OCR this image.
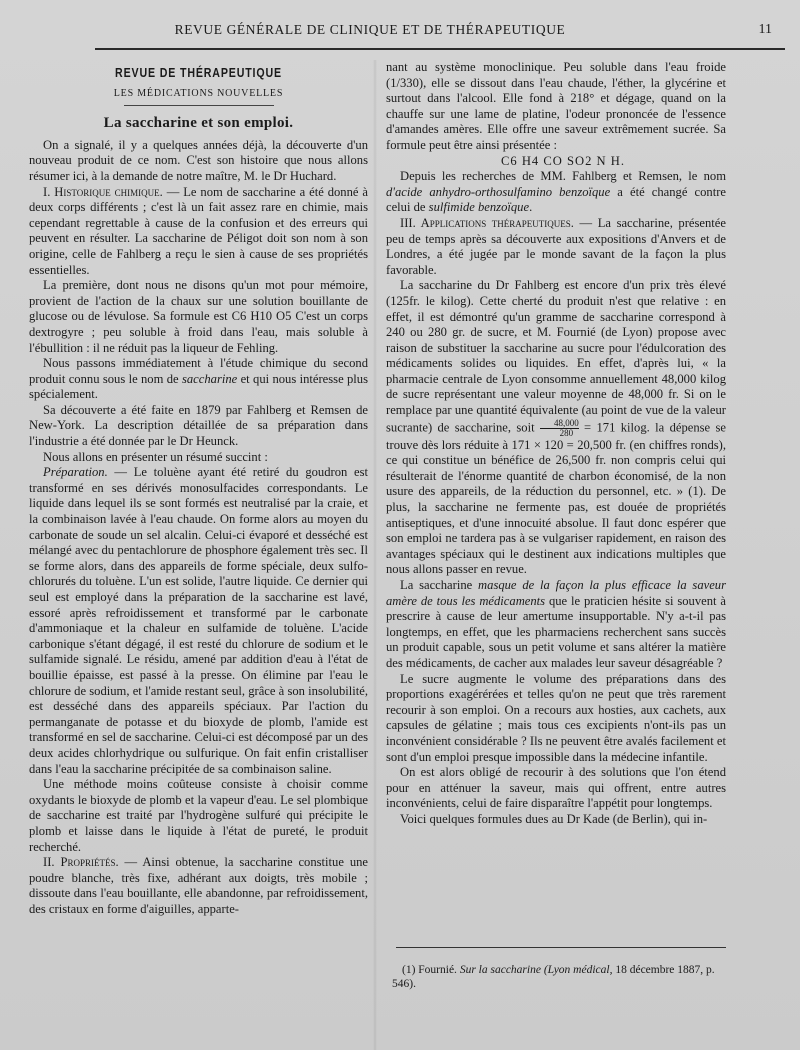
REVUE GÉNÉRALE DE CLINIQUE ET DE THÉRAPEUTIQUE	11
REVUE DE THÉRAPEUTIQUE
LES MÉDICATIONS NOUVELLES
La saccharine et son emploi.

On a signalé, il y a quelques années déjà, la découverte d'un nouveau produit de ce nom. C'est son histoire que nous allons résumer ici, à la demande de notre maître, M. le Dr Huchard.

I. Historique chimique. — Le nom de saccharine a été donné à deux corps différents ; c'est là un fait assez rare en chimie, mais cependant regrettable à cause de la confusion et des erreurs qui peuvent en résulter. La saccharine de Péligot doit son nom à son origine, celle de Fahlberg a reçu le sien à cause de ses propriétés essentielles.

La première, dont nous ne disons qu'un mot pour mémoire, provient de l'action de la chaux sur une solution bouillante de glucose ou de lévulose. Sa formule est C6 H10 O5 C'est un corps dextrogyre ; peu soluble à froid dans l'eau, mais soluble à l'ébullition : il ne réduit pas la liqueur de Fehling.

Nous passons immédiatement à l'étude chimique du second produit connu sous le nom de saccharine et qui nous intéresse plus spécialement.

Sa découverte a été faite en 1879 par Fahlberg et Remsen de New-York. La description détaillée de sa préparation dans l'industrie a été donnée par le Dr Heunck.

Nous allons en présenter un résumé succint :

Préparation. — Le toluène ayant été retiré du goudron est transformé en ses dérivés monosulfacides correspondants. Le liquide dans lequel ils se sont formés est neutralisé par la craie, et la combinaison lavée à l'eau chaude. On forme alors au moyen du carbonate de soude un sel alcalin. Celui-ci évaporé et desséché est mélangé avec du pentachlorure de phosphore également très sec. Il se forme alors, dans des appareils de forme spéciale, deux sulfo-chlorurés du toluène. L'un est solide, l'autre liquide. Ce dernier qui seul est employé dans la préparation de la saccharine est lavé, essoré après refroidissement et transformé par le carbonate d'ammoniaque et la chaleur en sulfamide de toluène. L'acide carbonique s'étant dégagé, il est resté du chlorure de sodium et le sulfamide signalé. Le résidu, amené par addition d'eau à l'état de bouillie épaisse, est passé à la presse. On élimine par l'eau le chlorure de sodium, et l'amide restant seul, grâce à son insolubilité, est desséché dans des appareils spéciaux. Par l'action du permanganate de potasse et du bioxyde de plomb, l'amide est transformé en sel de saccharine. Celui-ci est décomposé par un des deux acides chlorhydrique ou sulfurique. On fait enfin cristalliser dans l'eau la saccharine précipitée de sa combinaison saline.

Une méthode moins coûteuse consiste à choisir comme oxydants le bioxyde de plomb et la vapeur d'eau. Le sel plombique de saccharine est traité par l'hydrogène sulfuré qui précipite le plomb et laisse dans le liquide à l'état de pureté, le produit recherché.

II. Propriétés. — Ainsi obtenue, la saccharine constitue une poudre blanche, très fixe, adhérant aux doigts, très mobile ; dissoute dans l'eau bouillante, elle abandonne, par refroidissement, des cristaux en forme d'aiguilles, apparte-

nant au système monoclinique. Peu soluble dans l'eau froide (1/330), elle se dissout dans l'eau chaude, l'éther, la glycérine et surtout dans l'alcool. Elle fond à 218° et dégage, quand on la chauffe sur une lame de platine, l'odeur prononcée de l'essence d'amandes amères. Elle offre une saveur extrêmement sucrée. Sa formule peut être ainsi présentée :

C6 H4 CO SO2 N H.

Depuis les recherches de MM. Fahlberg et Remsen, le nom d'acide anhydro-orthosulfamino benzoïque a été changé contre celui de sulfimide benzoïque.

III. Applications thérapeutiques. — La saccharine, présentée peu de temps après sa découverte aux expositions d'Anvers et de Londres, a été jugée par le monde savant de la façon la plus favorable.

La saccharine du Dr Fahlberg est encore d'un prix très élevé (125fr. le kilog). Cette cherté du produit n'est que relative : en effet, il est démontré qu'un gramme de saccharine correspond à 240 ou 280 gr. de sucre, et M. Fournié (de Lyon) propose avec raison de substituer la saccharine au sucre pour l'édulcoration des médicaments solides ou liquides. En effet, d'après lui, « la pharmacie centrale de Lyon consomme annuellement 48,000 kilog de sucre représentant une valeur moyenne de 48,000 fr. Si on le remplace par une quantité équivalente (au point de vue de la valeur sucrante) de saccharine, soit $\frac{48,000}{280} = 171$ kilog. la dépense se trouve dès lors réduite à 171 × 120 = 20,500 fr. (en chiffres ronds), ce qui constitue un bénéfice de 26,500 fr. non compris celui qui résulterait de l'énorme quantité de charbon économisé, de la non usure des appareils, de la réduction du personnel, etc. » (1). De plus, la saccharine ne fermente pas, est douée de propriétés antiseptiques, et d'une innocuité absolue. Il faut donc espérer que son emploi ne tardera pas à se vulgariser rapidement, en raison des avantages spéciaux qui le destinent aux indications multiples que nous allons passer en revue.

La saccharine masque de la façon la plus efficace la saveur amère de tous les médicaments que le praticien hésite si souvent à prescrire à cause de leur amertume insupportable. N'y a-t-il pas longtemps, en effet, que les pharmaciens recherchent sans succès un produit capable, sous un petit volume et sans altérer la matière des médicaments, de cacher aux malades leur saveur désagréable ?

Le sucre augmente le volume des préparations dans des proportions exagérérées et telles qu'on ne peut que très rarement recourir à son emploi. On a recours aux hosties, aux cachets, aux capsules de gélatine ; mais tous ces excipients n'ont-ils pas un inconvénient considérable ? Ils ne peuvent être avalés facilement et sont d'un emploi presque impossible dans la médecine infantile.

On est alors obligé de recourir à des solutions que l'on étend pour en atténuer la saveur, mais qui offrent, entre autres inconvénients, celui de faire disparaître l'appétit pour longtemps.

Voici quelques formules dues au Dr Kade (de Berlin), qui in-

(1) Fournié. Sur la saccharine (Lyon médical, 18 décembre 1887, p. 546).
